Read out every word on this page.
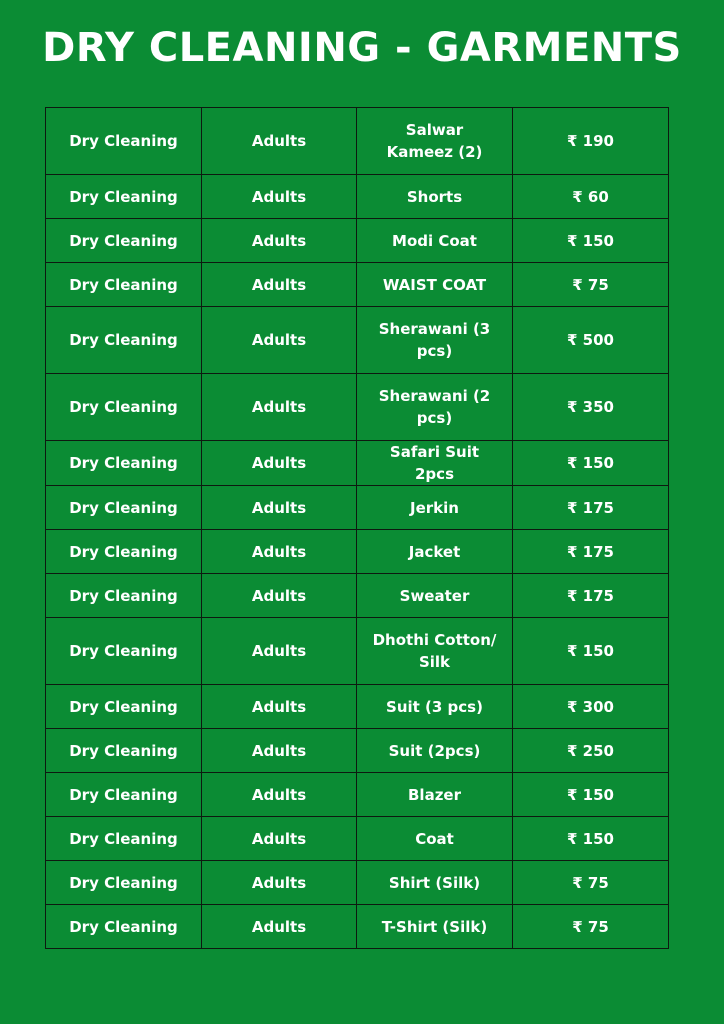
DRY CLEANING - GARMENTS
Dry Cleaning	Adults	Salwar Kameez (2)	₹ 190
Dry Cleaning	Adults	Shorts	₹ 60
Dry Cleaning	Adults	Modi Coat	₹ 150
Dry Cleaning	Adults	WAIST COAT	₹ 75
Dry Cleaning	Adults	Sherawani (3 pcs)	₹ 500
Dry Cleaning	Adults	Sherawani (2 pcs)	₹ 350
Dry Cleaning	Adults	Safari Suit 2pcs	₹ 150
Dry Cleaning	Adults	Jerkin	₹ 175
Dry Cleaning	Adults	Jacket	₹ 175
Dry Cleaning	Adults	Sweater	₹ 175
Dry Cleaning	Adults	Dhothi Cotton/ Silk	₹ 150
Dry Cleaning	Adults	Suit (3 pcs)	₹ 300
Dry Cleaning	Adults	Suit (2pcs)	₹ 250
Dry Cleaning	Adults	Blazer	₹ 150
Dry Cleaning	Adults	Coat	₹ 150
Dry Cleaning	Adults	Shirt (Silk)	₹ 75
Dry Cleaning	Adults	T-Shirt (Silk)	₹ 75
